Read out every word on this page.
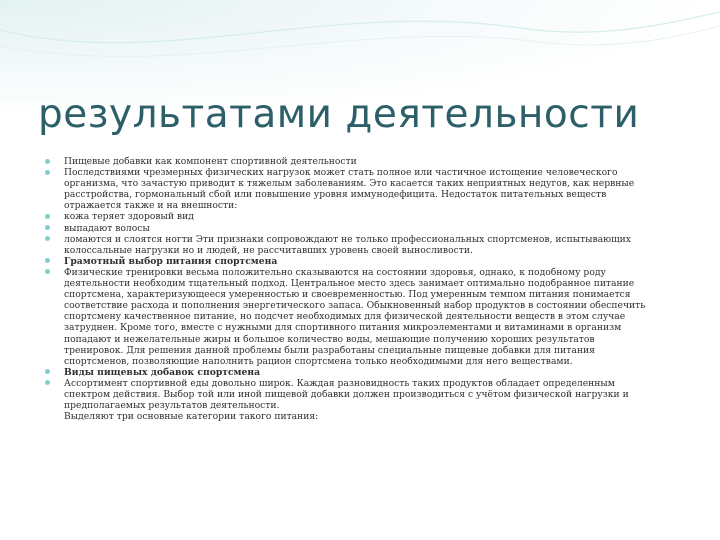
результатами деятельности
Пищевые добавки как компонент спортивной деятельности
Последствиями чрезмерных физических нагрузок может стать полное или частичное истощение человеческого организма, что зачастую приводит к тяжелым заболеваниям. Это касается таких неприятных недугов, как нервные расстройства, гормональный сбой или повышение уровня иммунодефицита. Недостаток питательных веществ отражается также и на внешности:
кожа теряет здоровый вид
выпадают волосы
ломаются и слоятся ногти Эти признаки сопровождают не только профессиональных спортсменов, испытывающих колоссальные нагрузки но и людей, не рассчитавших уровень своей выносливости.
Грамотный выбор питания спортсмена
Физические тренировки весьма положительно сказываются на состоянии здоровья, однако, к подобному роду деятельности необходим тщательный подход. Центральное место здесь занимает оптимально подобранное питание спортсмена, характеризующееся умеренностью и своевременностью. Под умеренным темпом питания понимается соответствие расхода и пополнения энергетического запаса. Обыкновенный набор продуктов в состоянии обеспечить спортсмену качественное питание, но подсчет необходимых для физической деятельности веществ в этом случае затруднен. Кроме того, вместе с нужными для спортивного питания микроэлементами и витаминами в организм попадают и нежелательные жиры и большое количество воды, мешающие получению хороших результатов тренировок. Для решения данной проблемы были разработаны специальные пищевые добавки для питания спортсменов, позволяющие наполнить рацион спортсмена только необходимыми для него веществами.
Виды пищевых добавок спортсмена
Ассортимент спортивной еды довольно широк. Каждая разновидность таких продуктов обладает определенным спектром действия. Выбор той или иной пищевой добавки должен производиться с учётом физической нагрузки и предполагаемых результатов деятельности.
Выделяют три основные категории такого питания:
